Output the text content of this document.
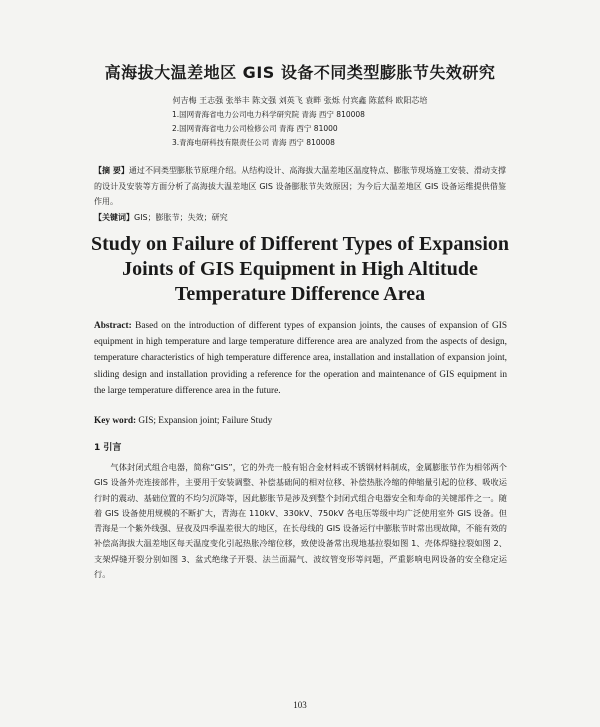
高海拔大温差地区 GIS 设备不同类型膨胀节失效研究
何吉梅 王志强 张举丰 陈文强 刘英飞 袁畔 张烁 付宾鑫 陈蓝科 欧阳芯培
1.国网青海省电力公司电力科学研究院 青海 西宁 810008
2.国网青海省电力公司检修公司 青海 西宁 81000
3.青海电研科技有限责任公司 青海 西宁 810008
【摘 要】通过不同类型膨胀节原理介绍。从结构设计、高海拔大温差地区温度特点、膨胀节现场施工安装、滑动支撑的设计及安装等方面分析了高海拔大温差地区 GIS 设备膨胀节失效原因；为今后大温差地区 GIS 设备运维提供借鉴作用。
【关键词】GIS；膨胀节；失效；研究
Study on Failure of Different Types of Expansion
Joints of GIS Equipment in High Altitude
Temperature Difference Area
Abstract: Based on the introduction of different types of expansion joints, the causes of expansion of GIS equipment in high temperature and large temperature difference area are analyzed from the aspects of design, temperature characteristics of high temperature difference area, installation and installation of expansion joint, sliding design and installation providing a reference for the operation and maintenance of GIS equipment in the large temperature difference area in the future.
Key word: GIS; Expansion joint; Failure Study
1 引言
气体封闭式组合电器，简称“GIS”，它的外壳一般有铝合金材料或不锈钢材料制成，金属膨胀节作为相邻两个 GIS 设备外壳连接部件，主要用于安装调整、补偿基础间的相对位移、补偿热胀冷缩的伸缩量引起的位移、吸收运行时的震动、基础位置的不均匀沉降等，因此膨胀节是涉及到整个封闭式组合电器安全和寿命的关键部件之一。随着 GIS 设备使用规模的不断扩大，青海在 110kV、330kV、750kV 各电压等级中均广泛使用室外 GIS 设备。但青海是一个紫外线强、昼夜及四季温差很大的地区，在长母线的 GIS 设备运行中膨胀节时常出现故障，不能有效的补偿高海拔大温差地区每天温度变化引起热胀冷缩位移，致使设备常出现地基拉裂如图 1、壳体焊缝拉裂如图 2、支架焊缝开裂分别如图 3、盆式绝缘子开裂、法兰面漏气、波纹管变形等问题，严重影响电网设备的安全稳定运行。
103
